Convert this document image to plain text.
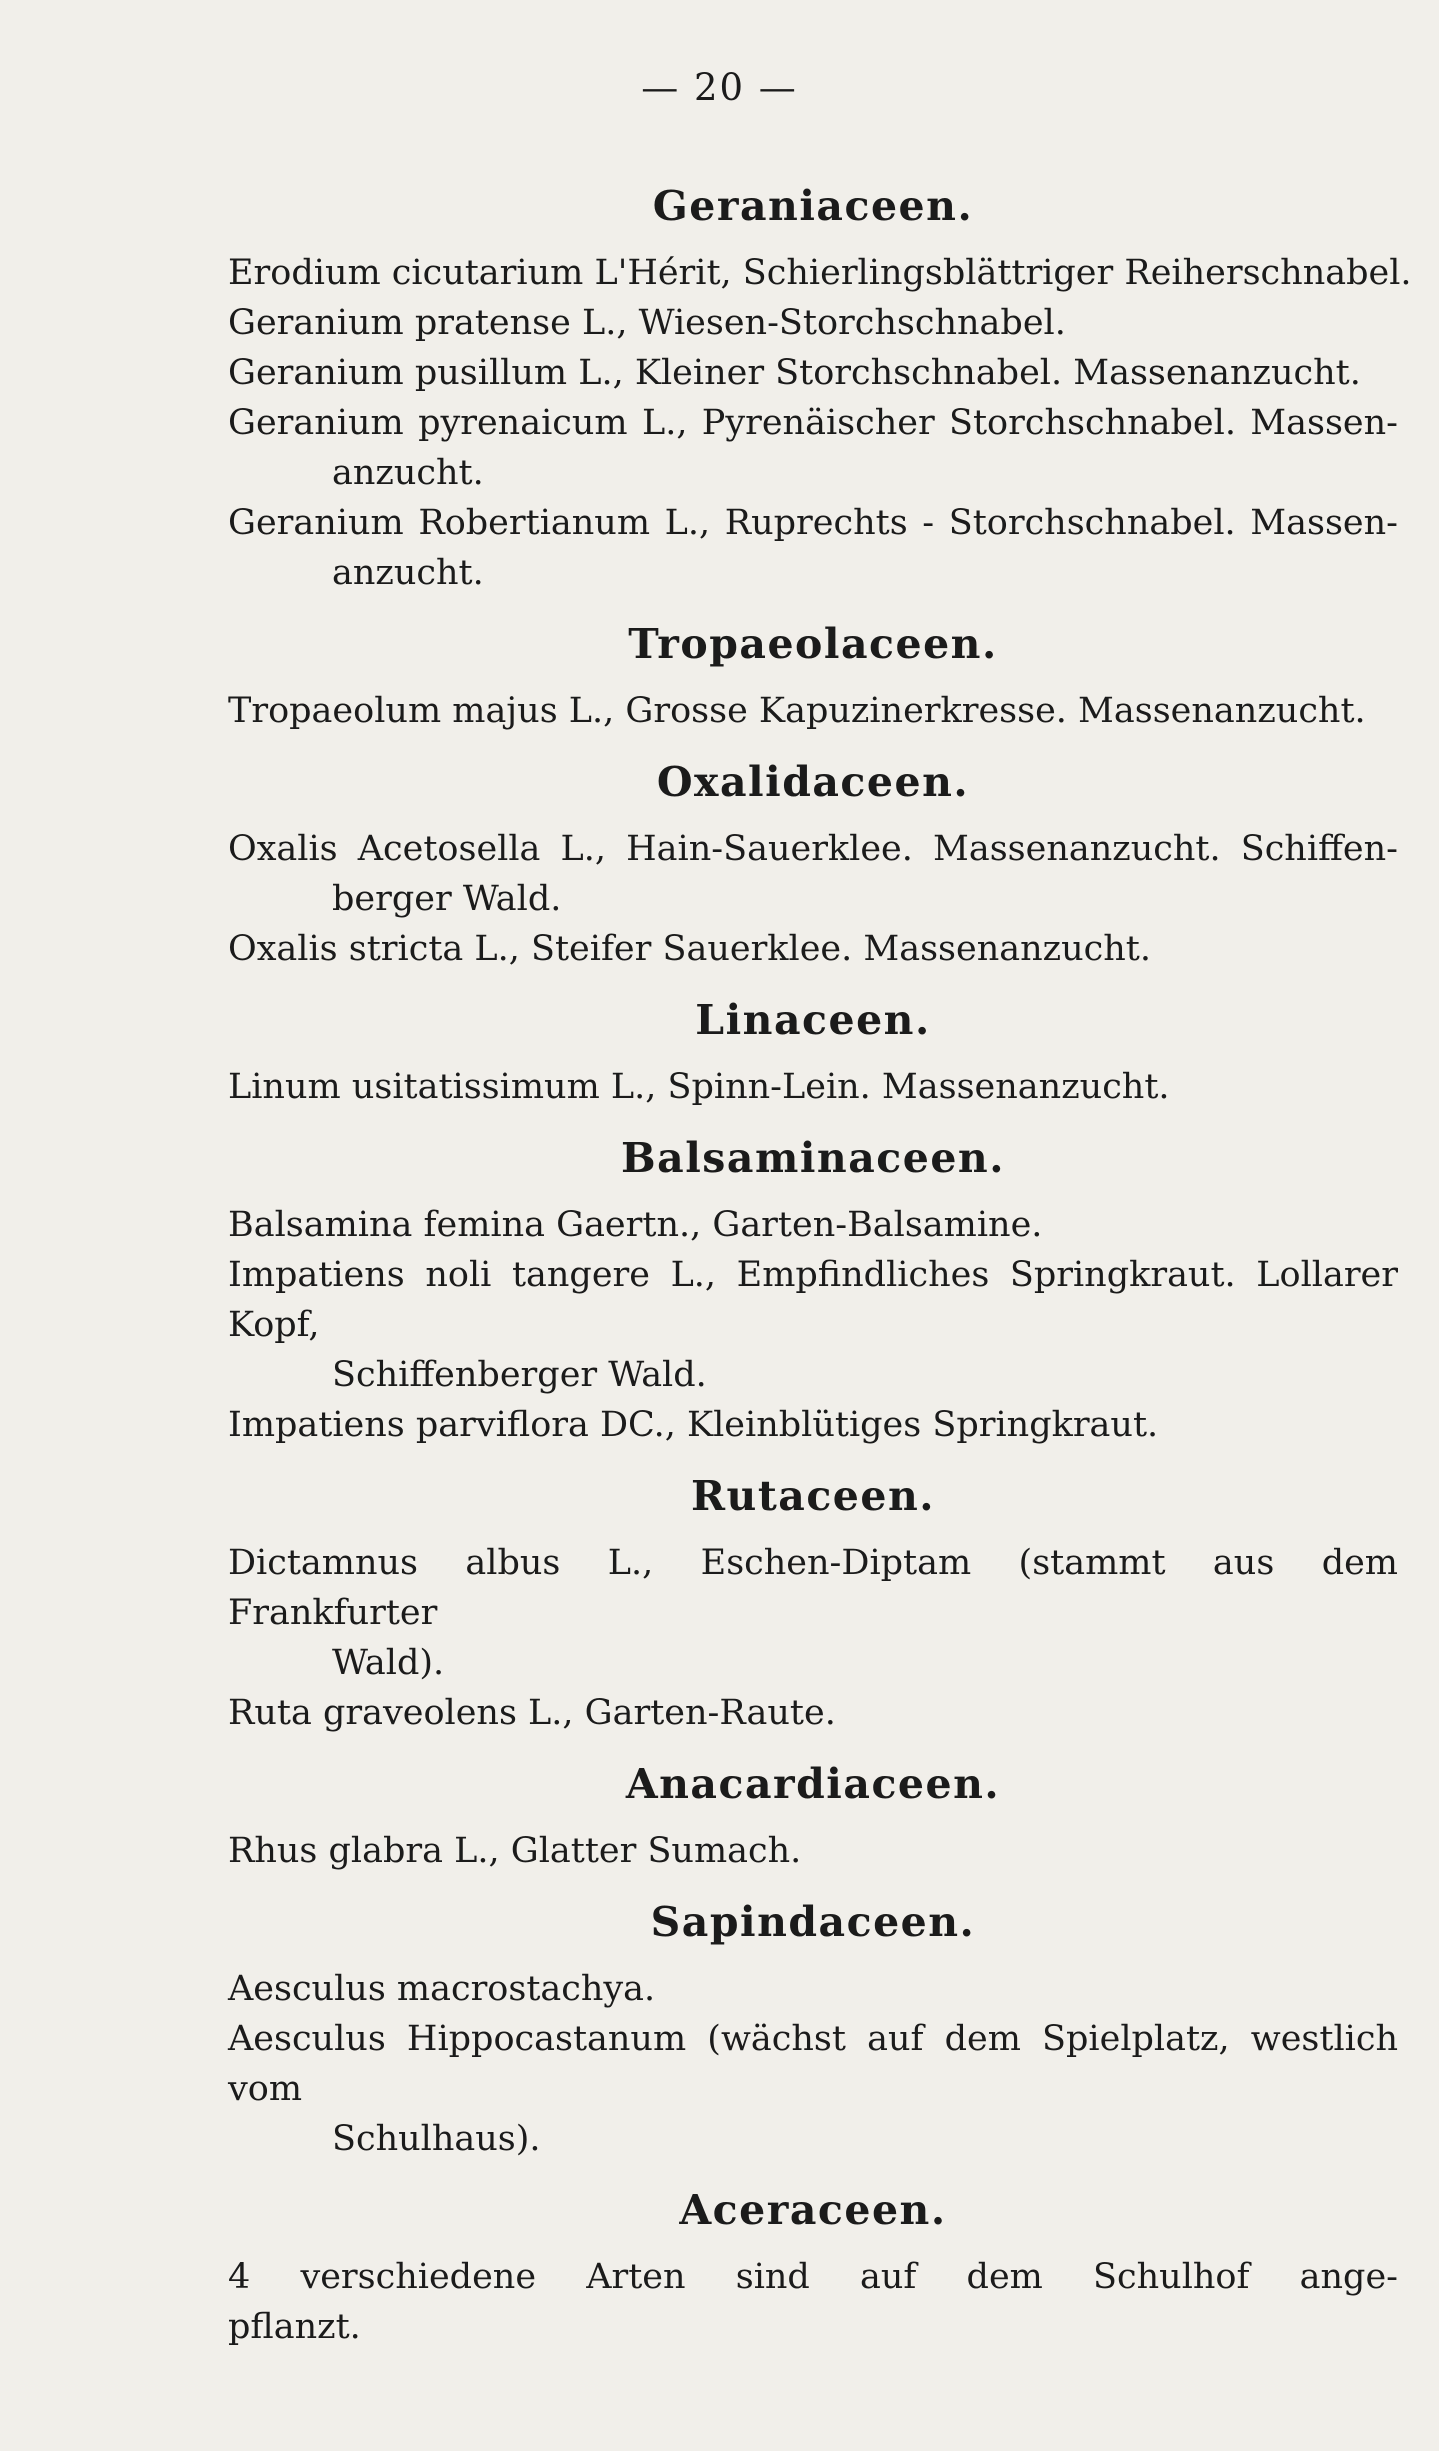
— 20 —
Geraniaceen.
Erodium cicutarium L'Hérit, Schierlingsblättriger Reiherschnabel.
Geranium pratense L., Wiesen-Storchschnabel.
Geranium pusillum L., Kleiner Storchschnabel. Massenanzucht.
Geranium pyrenaicum L., Pyrenäischer Storchschnabel. Massen-
anzucht.
Geranium Robertianum L., Ruprechts - Storchschnabel. Massen-
anzucht.
Tropaeolaceen.
Tropaeolum majus L., Grosse Kapuzinerkresse. Massenanzucht.
Oxalidaceen.
Oxalis Acetosella L., Hain-Sauerklee. Massenanzucht. Schiffen-
berger Wald.
Oxalis stricta L., Steifer Sauerklee. Massenanzucht.
Linaceen.
Linum usitatissimum L., Spinn-Lein. Massenanzucht.
Balsaminaceen.
Balsamina femina Gaertn., Garten-Balsamine.
Impatiens noli tangere L., Empfindliches Springkraut. Lollarer Kopf,
Schiffenberger Wald.
Impatiens parviflora DC., Kleinblütiges Springkraut.
Rutaceen.
Dictamnus albus L., Eschen-Diptam (stammt aus dem Frankfurter
Wald).
Ruta graveolens L., Garten-Raute.
Anacardiaceen.
Rhus glabra L., Glatter Sumach.
Sapindaceen.
Aesculus macrostachya.
Aesculus Hippocastanum (wächst auf dem Spielplatz, westlich vom
Schulhaus).
Aceraceen.
4 verschiedene Arten sind auf dem Schulhof ange-
pflanzt.
